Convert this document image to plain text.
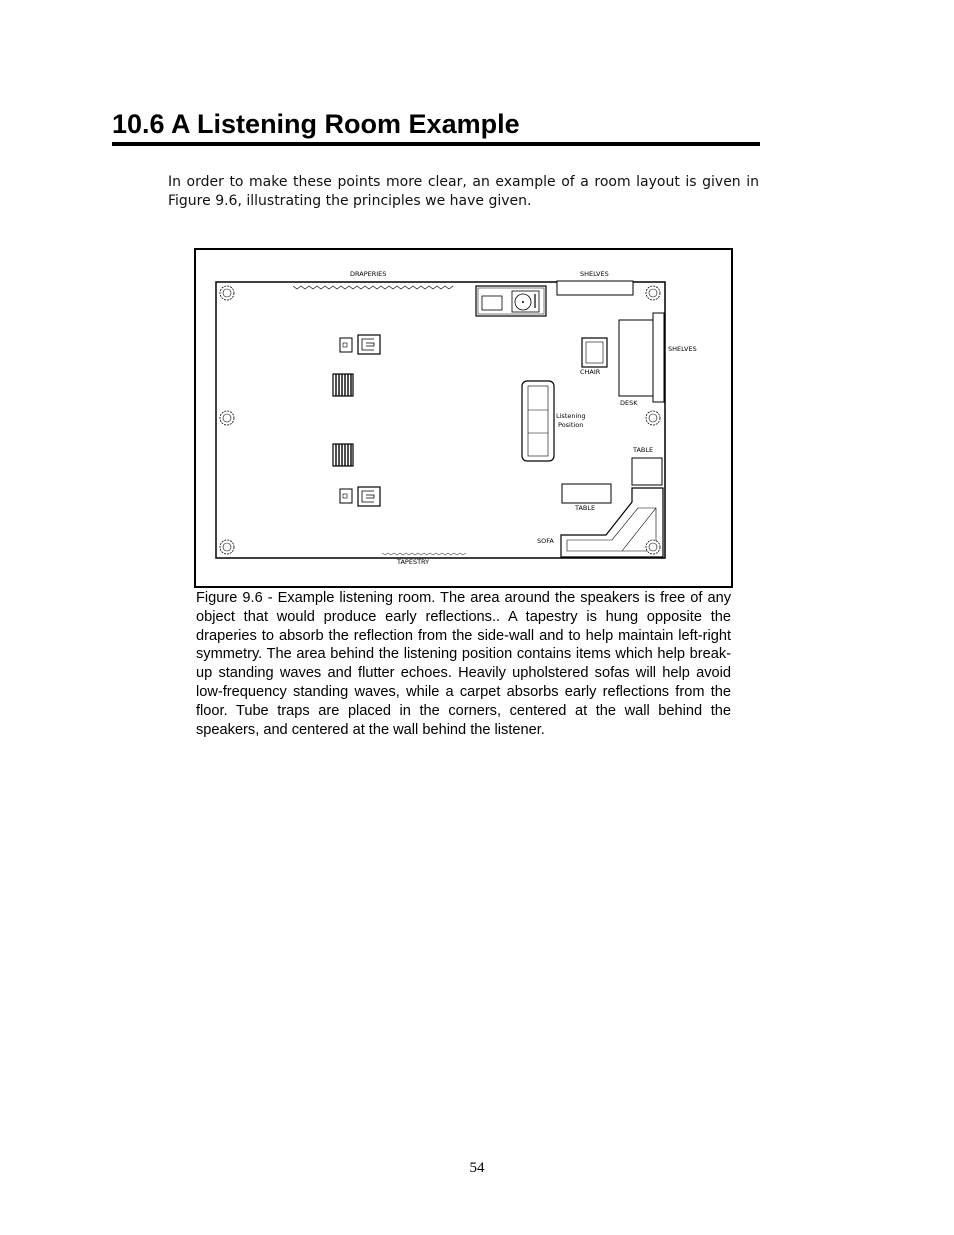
10.6 A Listening Room Example

In order to make these points more clear, an example of a room layout is given in Figure 9.6, illustrating the principles we have given.

DRAPERIES	SHELVES
DESK
SHELVES
CHAIR
Listening
Position
TABLE
TABLE
SOFA
TAPESTRY

Figure 9.6 - Example listening room. The area around the speakers is free of any object that would produce early reflections.. A tapestry is hung opposite the draperies to absorb the reflection from the side-wall and to help maintain left-right symmetry. The area behind the listening position contains items which help break-up standing waves and flutter echoes. Heavily upholstered sofas will help avoid low-frequency standing waves, while a carpet absorbs early reflections from the floor. Tube traps are placed in the corners, centered at the wall behind the speakers, and centered at the wall behind the listener.

54
